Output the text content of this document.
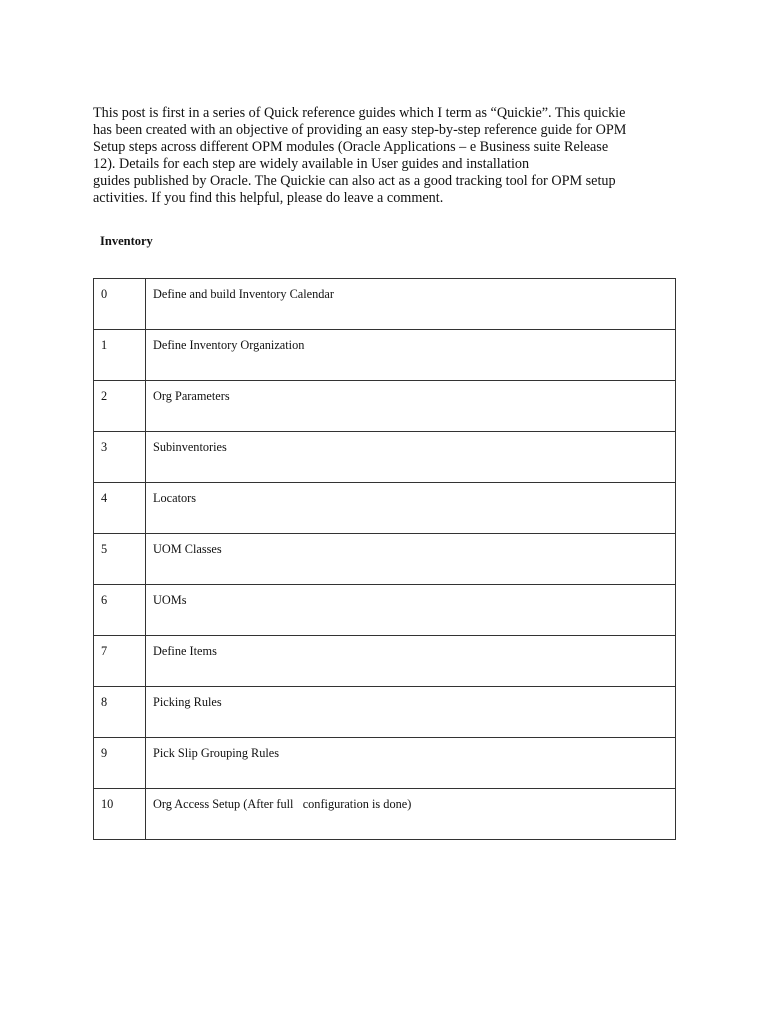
This post is first in a series of Quick reference guides which I term as “Quickie”. This quickie
has been created with an objective of providing an easy step-by-step reference guide for OPM
Setup steps across different OPM modules (Oracle Applications – e Business suite Release
12). Details for each step are widely available in User guides and installation
guides published by Oracle. The Quickie can also act as a good tracking tool for OPM setup
activities. If you find this helpful, please do leave a comment.

Inventory
0	Define and build Inventory Calendar
1	Define Inventory Organization
2	Org Parameters
3	Subinventories
4	Locators
5	UOM Classes
6	UOMs
7	Define Items
8	Picking Rules
9	Pick Slip Grouping Rules
10	Org Access Setup (After full   configuration is done)
